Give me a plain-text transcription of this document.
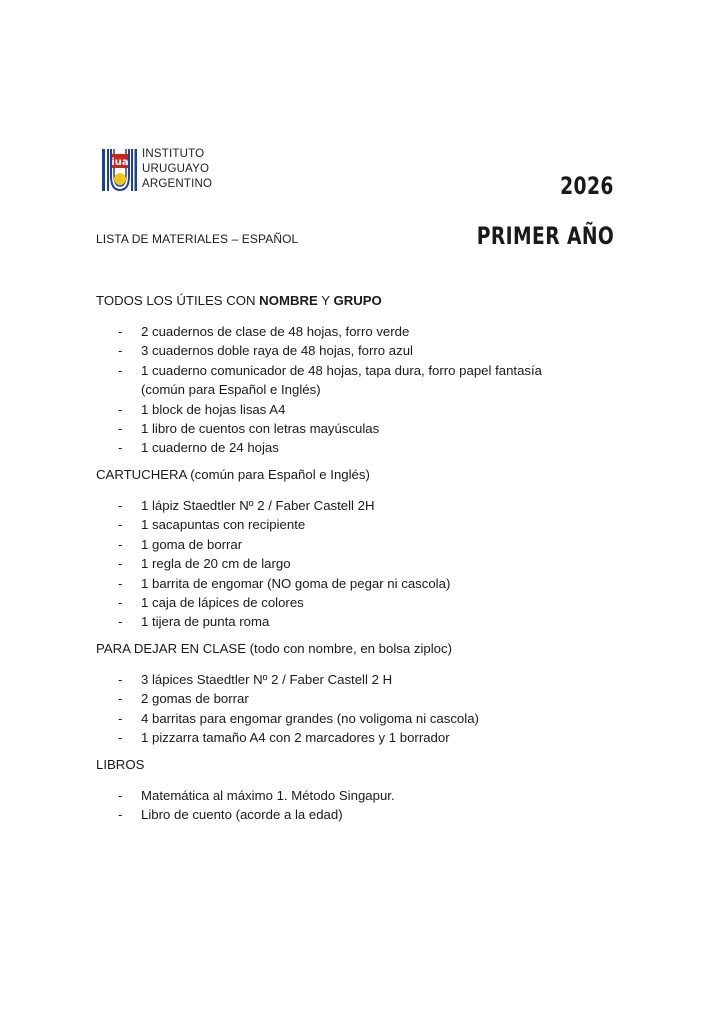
iua
INSTITUTO
URUGUAYO
ARGENTINO	2026
PRIMER AÑO
LISTA DE MATERIALES – ESPAÑOL
TODOS LOS ÚTILES CON NOMBRE Y GRUPO
- 2 cuadernos de clase de 48 hojas, forro verde
- 3 cuadernos doble raya de 48 hojas, forro azul
- 1 cuaderno comunicador de 48 hojas, tapa dura, forro papel fantasía
(común para Español e Inglés)
- 1 block de hojas lisas A4
- 1 libro de cuentos con letras mayúsculas
- 1 cuaderno de 24 hojas
CARTUCHERA (común para Español e Inglés)
- 1 lápiz Staedtler Nº 2 / Faber Castell 2H
- 1 sacapuntas con recipiente
- 1 goma de borrar
- 1 regla de 20 cm de largo
- 1 barrita de engomar (NO goma de pegar ni cascola)
- 1 caja de lápices de colores
- 1 tijera de punta roma
PARA DEJAR EN CLASE (todo con nombre, en bolsa ziploc)
- 3 lápices Staedtler Nº 2 / Faber Castell 2 H
- 2 gomas de borrar
- 4 barritas para engomar grandes (no voligoma ni cascola)
- 1 pizzarra tamaño A4 con 2 marcadores y 1 borrador
LIBROS
- Matemática al máximo 1. Método Singapur.
- Libro de cuento (acorde a la edad)
